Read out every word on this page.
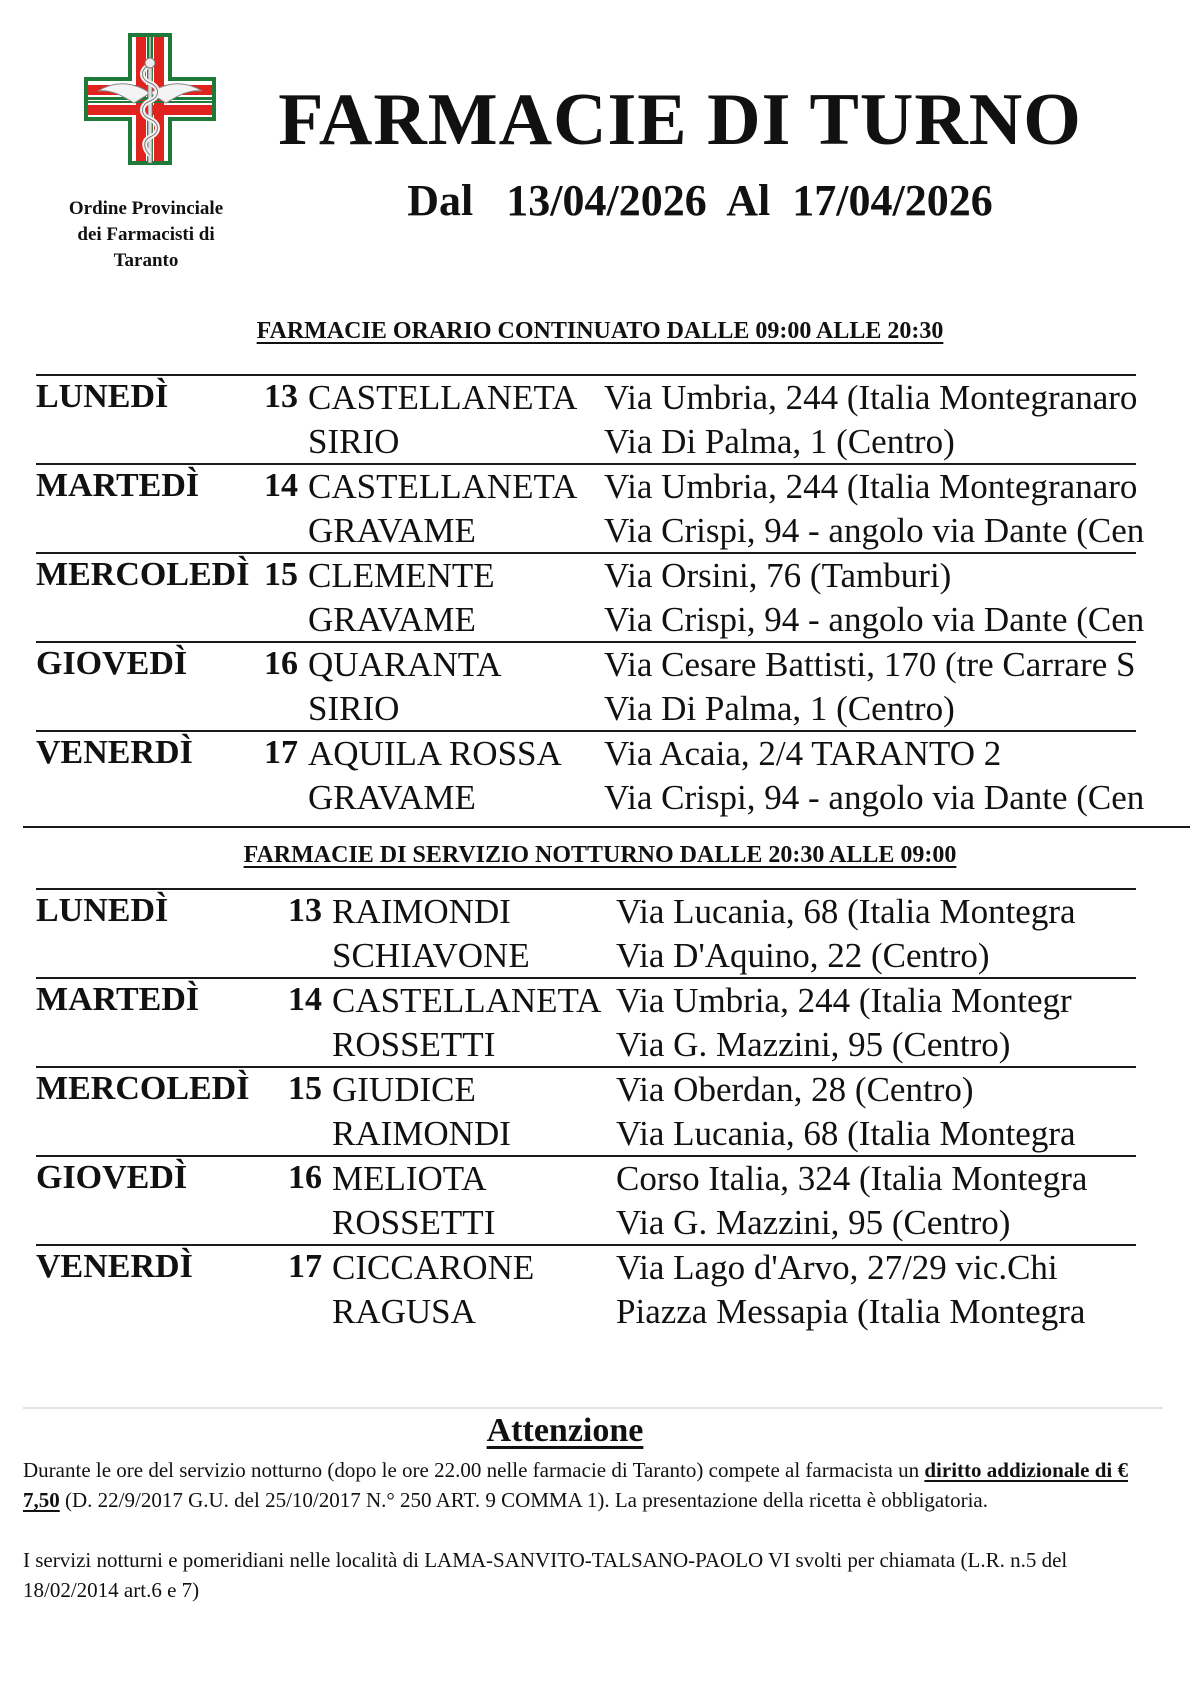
Ordine Provinciale
dei Farmacisti di
Taranto
FARMACIE DI TURNO
Dal 13/04/2026 Al 17/04/2026
FARMACIE ORARIO CONTINUATO DALLE 09:00 ALLE 20:30
LUNEDÌ	13 CASTELLANETA Via Umbria, 244 (Italia Montegranaro
SIRIO	Via Di Palma, 1 (Centro)
MARTEDÌ	14 CASTELLANETA Via Umbria, 244 (Italia Montegranaro
GRAVAME	Via Crispi, 94 - angolo via Dante (Cen
MERCOLEDÌ 15 CLEMENTE	Via Orsini, 76 (Tamburi)
GRAVAME	Via Crispi, 94 - angolo via Dante (Cen
GIOVEDÌ	16 QUARANTA	Via Cesare Battisti, 170 (tre Carrare S
SIRIO	Via Di Palma, 1 (Centro)
VENERDÌ	17 AQUILA ROSSA Via Acaia, 2/4 TARANTO 2
GRAVAME	Via Crispi, 94 - angolo via Dante (Cen
FARMACIE DI SERVIZIO NOTTURNO DALLE 20:30 ALLE 09:00
LUNEDÌ	13 RAIMONDI	Via Lucania, 68 (Italia Montegra
SCHIAVONE Via D'Aquino, 22 (Centro)
MARTEDÌ	14 CASTELLANETA Via Umbria, 244 (Italia Montegr
ROSSETTI	Via G. Mazzini, 95 (Centro)
MERCOLEDÌ	15 GIUDICE	Via Oberdan, 28 (Centro)
RAIMONDI	Via Lucania, 68 (Italia Montegra
GIOVEDÌ	16 MELIOTA	Corso Italia, 324 (Italia Montegra
ROSSETTI	Via G. Mazzini, 95 (Centro)
VENERDÌ	17 CICCARONE Via Lago d'Arvo, 27/29 vic.Chi
RAGUSA	Piazza Messapia (Italia Montegra
Attenzione
Durante le ore del servizio notturno (dopo le ore 22.00 nelle farmacie di Taranto) compete al farmacista un diritto addizionale di € 7,50 (D. 22/9/2017 G.U. del 25/10/2017 N.° 250 ART. 9 COMMA 1). La presentazione della ricetta è obbligatoria.
I servizi notturni e pomeridiani nelle località di LAMA-SANVITO-TALSANO-PAOLO VI svolti per chiamata (L.R. n.5 del 18/02/2014 art.6 e 7)
